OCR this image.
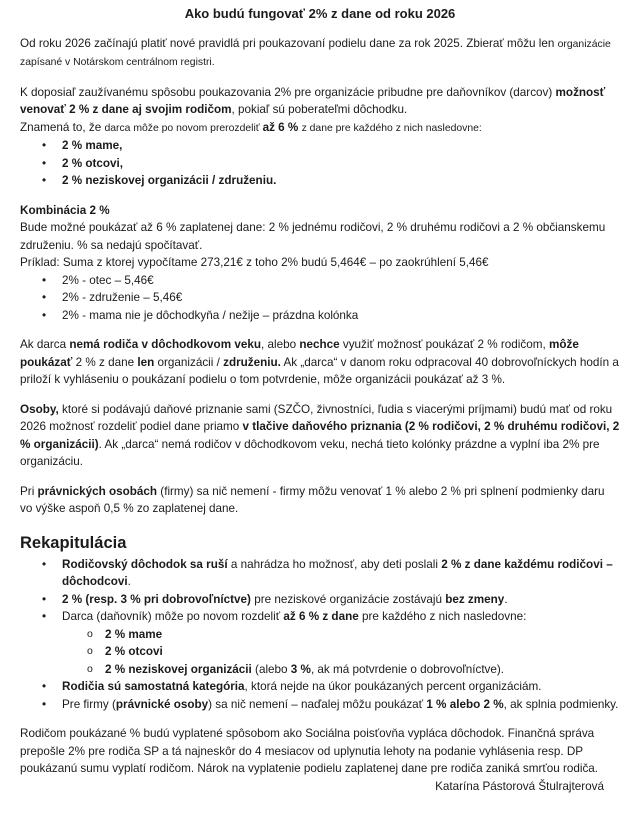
Ako budú fungovať 2% z dane od roku 2026
Od roku 2026 začínajú platiť nové pravidlá pri poukazovaní podielu dane za rok 2025. Zbierať môžu len organizácie zapísané v Notárskom centrálnom registri.
K doposiaľ zaužívanému spôsobu poukazovania 2% pre organizácie pribudne pre daňovníkov (darcov) možnosť venovať 2 % z dane aj svojim rodičom, pokiaľ sú poberateľmi dôchodku.
Znamená to, že darca môže po novom prerozdeliť až 6 % z dane pre každého z nich nasledovne:
•	2 % mame,
•	2 % otcovi,
•	2 % neziskovej organizácii / združeniu.
Kombinácia 2 %
Bude možné poukázať až 6 % zaplatenej dane: 2 % jednému rodičovi, 2 % druhému rodičovi a 2 % občianskemu združeniu. % sa nedajú spočítavať.
Príklad: Suma z ktorej vypočítame 273,21€ z toho 2% budú 5,464€ – po zaokrúhlení 5,46€
•	2% - otec – 5,46€
•	2% - združenie – 5,46€
•	2% - mama nie je dôchodkyňa / nežije – prázdna kolónka
Ak darca nemá rodiča v dôchodkovom veku, alebo nechce využiť možnosť poukázať 2 % rodičom, môže poukázať 2 % z dane len organizácii / združeniu. Ak „darca“ v danom roku odpracoval 40 dobrovoľníckych hodín a priloží k vyhláseniu o poukázaní podielu o tom potvrdenie, môže organizácii poukázať až 3 %.
Osoby, ktoré si podávajú daňové priznanie sami (SZČO, živnostníci, ľudia s viacerými príjmami) budú mať od roku 2026 možnosť rozdeliť podiel dane priamo v tlačive daňového priznania (2 % rodičovi, 2 % druhému rodičovi, 2 % organizácii). Ak „darca“ nemá rodičov v dôchodkovom veku, nechá tieto kolónky prázdne a vyplní iba 2% pre organizáciu.
Pri právnických osobách (firmy) sa nič nemení - firmy môžu venovať 1 % alebo 2 % pri splnení podmienky daru vo výške aspoň 0,5 % zo zaplatenej dane.
Rekapitulácia
•	Rodičovský dôchodok sa ruší a nahrádza ho možnosť, aby deti poslali 2 % z dane každému rodičovi – dôchodcovi.
•	2 % (resp. 3 % pri dobrovoľníctve) pre neziskové organizácie zostávajú bez zmeny.
•	Darca (daňovník) môže po novom rozdeliť až 6 % z dane pre každého z nich nasledovne:
o	2 % mame
o	2 % otcovi
o	2 % neziskovej organizácii (alebo 3 %, ak má potvrdenie o dobrovoľníctve).
•	Rodičia sú samostatná kategória, ktorá nejde na úkor poukázaných percent organizáciám.
•	Pre firmy (právnické osoby) sa nič nemení – naďalej môžu poukázať 1 % alebo 2 %, ak splnia podmienky.
Rodičom poukázané % budú vyplatené spôsobom ako Sociálna poisťovňa vypláca dôchodok. Finančná správa prepošle 2% pre rodiča SP a tá najneskôr do 4 mesiacov od uplynutia lehoty na podanie vyhlásenia resp. DP poukázanú sumu vyplatí rodičom. Nárok na vyplatenie podielu zaplatenej dane pre rodiča zaniká smrťou rodiča.
Katarína Pástorová Štulrajterová
